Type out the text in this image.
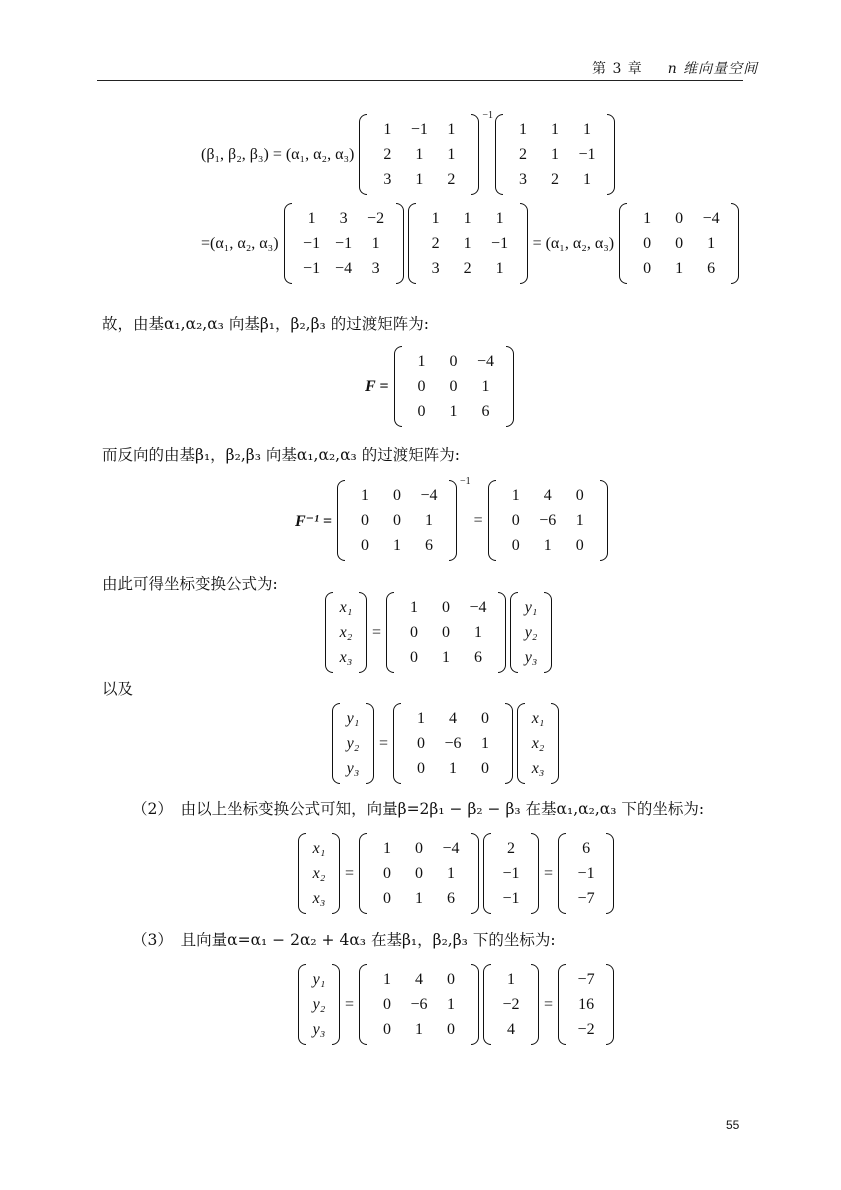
第 3 章 n 维向量空间
(β₁, β₂, β₃) = (α₁, α₂, α₃)
1	−1	1
2	1	1
3	1	2
−1
1	1	1
2	1	−1
3	2	1
=(α₁, α₂, α₃)
1	3	−2
−1 −1	1
−1 −4	3
1	1	1
2	1	−1
3	2	1
= (α₁, α₂, α₃)
1	0	−4
0	0	1
0	1	6
故，由基α₁,α₂,α₃ 向基β₁，β₂,β₃ 的过渡矩阵为:
F =
1	0	−4
0	0	1
0	1	6
而反向的由基β₁，β₂,β₃ 向基α₁,α₂,α₃ 的过渡矩阵为:
F⁻¹ =
1	0	−4
0	0	1
0	1	6
−1
=
1	4	0
0	−6	1
0	1	0
由此可得坐标变换公式为:
x₁
x₂
x₃
=
1	0	−4
0	0	1
0	1	6
y₁
y₂
y₃
以及
y₁
y₂
y₃
=
1	4	0
0	−6	1
0	1	0
x₁
x₂
x₃
（2）　由以上坐标变换公式可知，向量β=2β₁ − β₂ − β₃ 在基α₁,α₂,α₃ 下的坐标为:
x₁
x₂
x₃
=
1	0	−4
0	0	1
0	1	6
2
−1
−1
=
6
−1
−7
（3）　且向量α=α₁ − 2α₂ + 4α₃ 在基β₁，β₂,β₃ 下的坐标为:
y₁
y₂
y₃
=
1	4	0
0	−6	1
0	1	0
1
−2
4
=
−7
16
−2
55
